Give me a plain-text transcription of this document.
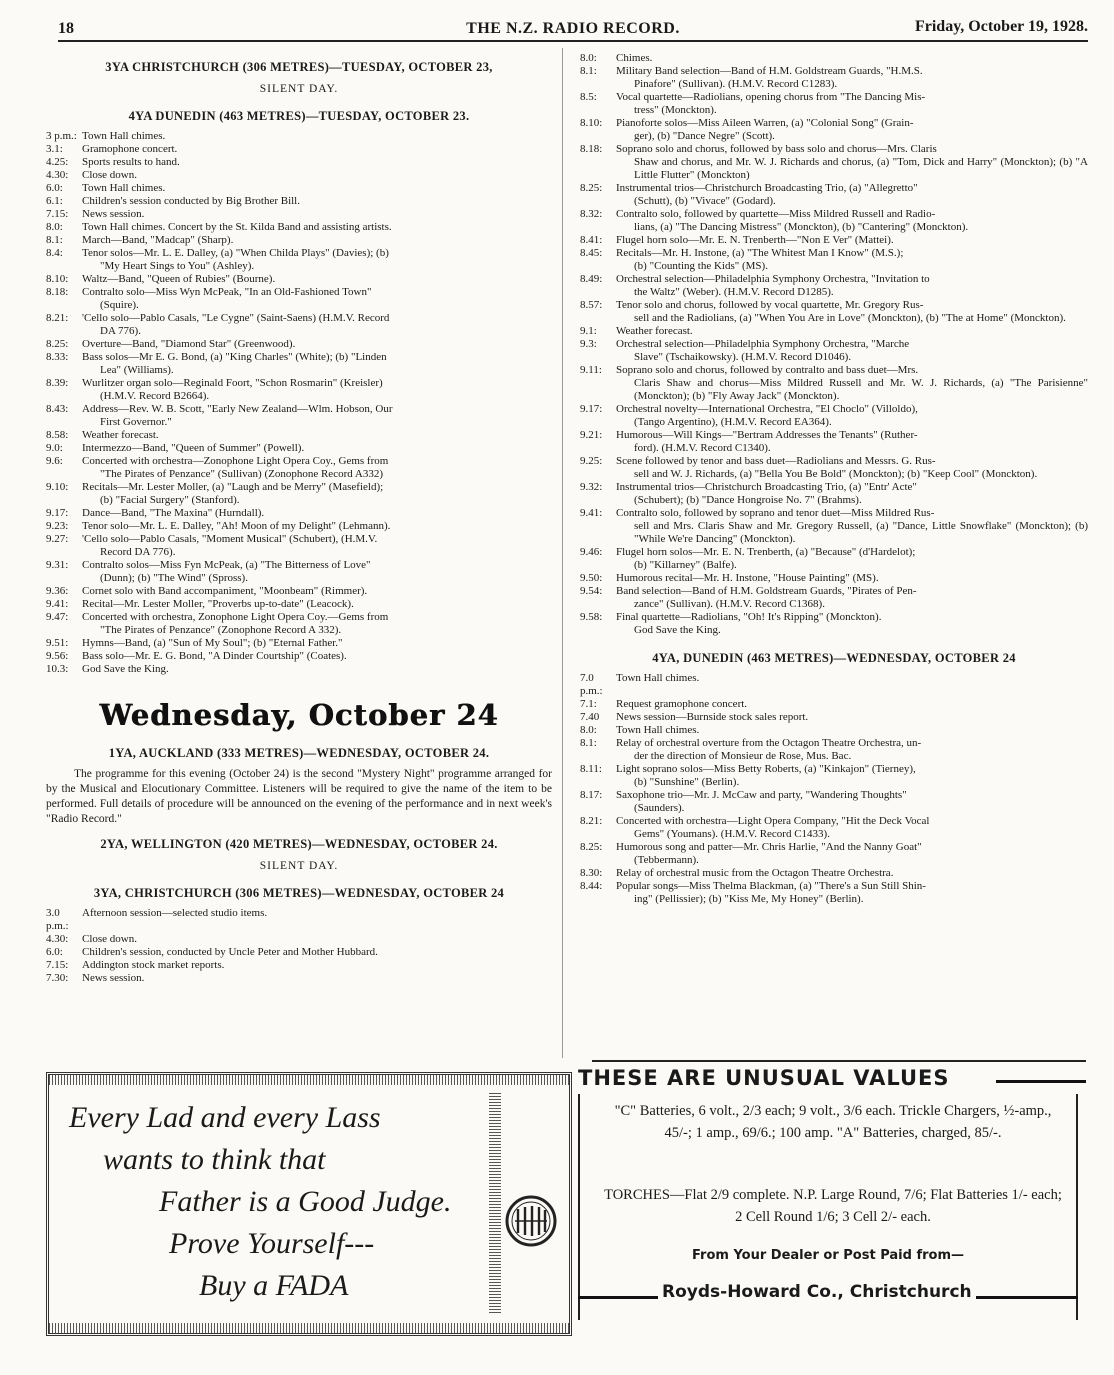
18	THE N.Z. RADIO RECORD.	Friday, October 19, 1928.
3YA CHRISTCHURCH (306 METRES)—TUESDAY, OCTOBER 23,
SILENT DAY.
4YA DUNEDIN (463 METRES)—TUESDAY, OCTOBER 23.
3 p.m.: Town Hall chimes.
3.1:	Gramophone concert.
4.25:	Sports results to hand.
4.30:	Close down.
6.0:	Town Hall chimes.
6.1:	Children's session conducted by Big Brother Bill.
7.15:	News session.
8.0:	Town Hall chimes. Concert by the St. Kilda Band and assisting artists.
8.1:	March—Band, "Madcap" (Sharp).
8.4:	Tenor solos—Mr. L. E. Dalley, (a) "When Childa Plays" (Davies); (b)
"My Heart Sings to You" (Ashley).
8.10:	Waltz—Band, "Queen of Rubies" (Bourne).
8.18:	Contralto solo—Miss Wyn McPeak, "In an Old-Fashioned Town"
(Squire).
8.21:	'Cello solo—Pablo Casals, "Le Cygne" (Saint-Saens) (H.M.V. Record
DA 776).
8.25:	Overture—Band, "Diamond Star" (Greenwood).
8.33:	Bass solos—Mr E. G. Bond, (a) "King Charles" (White); (b) "Linden
Lea" (Williams).
8.39:	Wurlitzer organ solo—Reginald Foort, "Schon Rosmarin" (Kreisler)
(H.M.V. Record B2664).
8.43:	Address—Rev. W. B. Scott, "Early New Zealand—Wlm. Hobson, Our
First Governor."
8.58:	Weather forecast.
9.0:	Intermezzo—Band, "Queen of Summer" (Powell).
9.6:	Concerted with orchestra—Zonophone Light Opera Coy., Gems from
"The Pirates of Penzance" (Sullivan) (Zonophone Record A332)
9.10:	Recitals—Mr. Lester Moller, (a) "Laugh and be Merry" (Masefield);
(b) "Facial Surgery" (Stanford).
9.17:	Dance—Band, "The Maxina" (Hurndall).
9.23:	Tenor solo—Mr. L. E. Dalley, "Ah! Moon of my Delight" (Lehmann).
9.27:	'Cello solo—Pablo Casals, "Moment Musical" (Schubert), (H.M.V.
Record DA 776).
9.31:	Contralto solos—Miss Fyn McPeak, (a) "The Bitterness of Love"
(Dunn); (b) "The Wind" (Spross).
9.36:	Cornet solo with Band accompaniment, "Moonbeam" (Rimmer).
9.41:	Recital—Mr. Lester Moller, "Proverbs up-to-date" (Leacock).
9.47:	Concerted with orchestra, Zonophone Light Opera Coy.—Gems from
"The Pirates of Penzance" (Zonophone Record A 332).
9.51:	Hymns—Band, (a) "Sun of My Soul"; (b) "Eternal Father."
9.56:	Bass solo—Mr. E. G. Bond, "A Dinder Courtship" (Coates).
10.3:	God Save the King.
Wednesday, October 24
1YA, AUCKLAND (333 METRES)—WEDNESDAY, OCTOBER 24.

The programme for this evening (October 24) is the second "Mystery Night" programme arranged for by the Musical and Elocutionary Committee. Listeners will be required to give the name of the item to be performed. Full details of procedure will be announced on the evening of the performance and in next week's "Radio Record."

2YA, WELLINGTON (420 METRES)—WEDNESDAY, OCTOBER 24.
SILENT DAY.
3YA, CHRISTCHURCH (306 METRES)—WEDNESDAY, OCTOBER 24
3.0 p.m.:
Afternoon session—selected studio items.
4.30:	Close down.
6.0:	Children's session, conducted by Uncle Peter and Mother Hubbard.
7.15:	Addington stock market reports.
7.30:	News session.
8.0:	Chimes.
8.1:	Military Band selection—Band of H.M. Goldstream Guards, "H.M.S.
Pinafore" (Sullivan). (H.M.V. Record C1283).
8.5:	Vocal quartette—Radiolians, opening chorus from "The Dancing Mis-
tress" (Monckton).
8.10:	Pianoforte solos—Miss Aileen Warren, (a) "Colonial Song" (Grain-
ger), (b) "Dance Negre" (Scott).
8.18:	Soprano solo and chorus, followed by bass solo and chorus—Mrs. Claris
Shaw and chorus, and Mr. W. J. Richards and chorus, (a) "Tom, Dick and Harry" (Monckton); (b) "A Little Flutter" (Monckton)
8.25:	Instrumental trios—Christchurch Broadcasting Trio, (a) "Allegretto"
(Schutt), (b) "Vivace" (Godard).
8.32:	Contralto solo, followed by quartette—Miss Mildred Russell and Radio-
lians, (a) "The Dancing Mistress" (Monckton), (b) "Cantering" (Monckton).
8.41:	Flugel horn solo—Mr. E. N. Trenberth—"Non E Ver" (Mattei).
8.45:	Recitals—Mr. H. Instone, (a) "The Whitest Man I Know" (M.S.);
(b) "Counting the Kids" (MS).
8.49:	Orchestral selection—Philadelphia Symphony Orchestra, "Invitation to
the Waltz" (Weber). (H.M.V. Record D1285).
8.57:	Tenor solo and chorus, followed by vocal quartette, Mr. Gregory Rus-
sell and the Radiolians, (a) "When You Are in Love" (Monckton), (b) "The at Home" (Monckton).
9.1:	Weather forecast.
9.3:	Orchestral selection—Philadelphia Symphony Orchestra, "Marche
Slave" (Tschaikowsky). (H.M.V. Record D1046).
9.11:	Soprano solo and chorus, followed by contralto and bass duet—Mrs.
Claris Shaw and chorus—Miss Mildred Russell and Mr. W. J. Richards, (a) "The Parisienne" (Monckton); (b) "Fly Away Jack" (Monckton).
9.17:	Orchestral novelty—International Orchestra, "El Choclo" (Villoldo),
(Tango Argentino), (H.M.V. Record EA364).
9.21:	Humorous—Will Kings—"Bertram Addresses the Tenants" (Ruther-
ford). (H.M.V. Record C1340).
9.25:	Scene followed by tenor and bass duet—Radiolians and Messrs. G. Rus-
sell and W. J. Richards, (a) "Bella You Be Bold" (Monckton); (b) "Keep Cool" (Monckton).
9.32:	Instrumental trios—Christchurch Broadcasting Trio, (a) "Entr' Acte"
(Schubert); (b) "Dance Hongroise No. 7" (Brahms).
9.41:	Contralto solo, followed by soprano and tenor duet—Miss Mildred Rus-
sell and Mrs. Claris Shaw and Mr. Gregory Russell, (a) "Dance, Little Snowflake" (Monckton); (b) "While We're Dancing" (Monckton).
9.46:	Flugel horn solos—Mr. E. N. Trenberth, (a) "Because" (d'Hardelot);
(b) "Killarney" (Balfe).
9.50:	Humorous recital—Mr. H. Instone, "House Painting" (MS).
9.54:	Band selection—Band of H.M. Goldstream Guards, "Pirates of Pen-
zance" (Sullivan). (H.M.V. Record C1368).
9.58:	Final quartette—Radiolians, "Oh! It's Ripping" (Monckton).
God Save the King.
4YA, DUNEDIN (463 METRES)—WEDNESDAY, OCTOBER 24
7.0 p.m.:
Town Hall chimes.
7.1:	Request gramophone concert.
7.40	News session—Burnside stock sales report.
8.0:	Town Hall chimes.
8.1:	Relay of orchestral overture from the Octagon Theatre Orchestra, un-
der the direction of Monsieur de Rose, Mus. Bac.
8.11:	Light soprano solos—Miss Betty Roberts, (a) "Kinkajon" (Tierney),
(b) "Sunshine" (Berlin).
8.17:	Saxophone trio—Mr. J. McCaw and party, "Wandering Thoughts"
(Saunders).
8.21:	Concerted with orchestra—Light Opera Company, "Hit the Deck Vocal
Gems" (Youmans). (H.M.V. Record C1433).
8.25:	Humorous song and patter—Mr. Chris Harlie, "And the Nanny Goat"
(Tebbermann).
8.30:	Relay of orchestral music from the Octagon Theatre Orchestra.
8.44:	Popular songs—Miss Thelma Blackman, (a) "There's a Sun Still Shin-
ing" (Pellissier); (b) "Kiss Me, My Honey" (Berlin).
Every Lad and every Lass
wants to think that
Father is a Good Judge.
Prove Yourself---
Buy a FADA
THESE ARE UNUSUAL VALUES
"C" Batteries, 6 volt., 2/3 each; 9 volt., 3/6 each. Trickle Chargers, ½-amp., 45/-; 1 amp., 69/6.; 100 amp. "A" Batteries, charged, 85/-.
TORCHES—Flat 2/9 complete. N.P. Large Round, 7/6; Flat Batteries 1/- each; 2 Cell Round 1/6; 3 Cell 2/- each.
From Your Dealer or Post Paid from—
Royds-Howard Co., Christchurch
